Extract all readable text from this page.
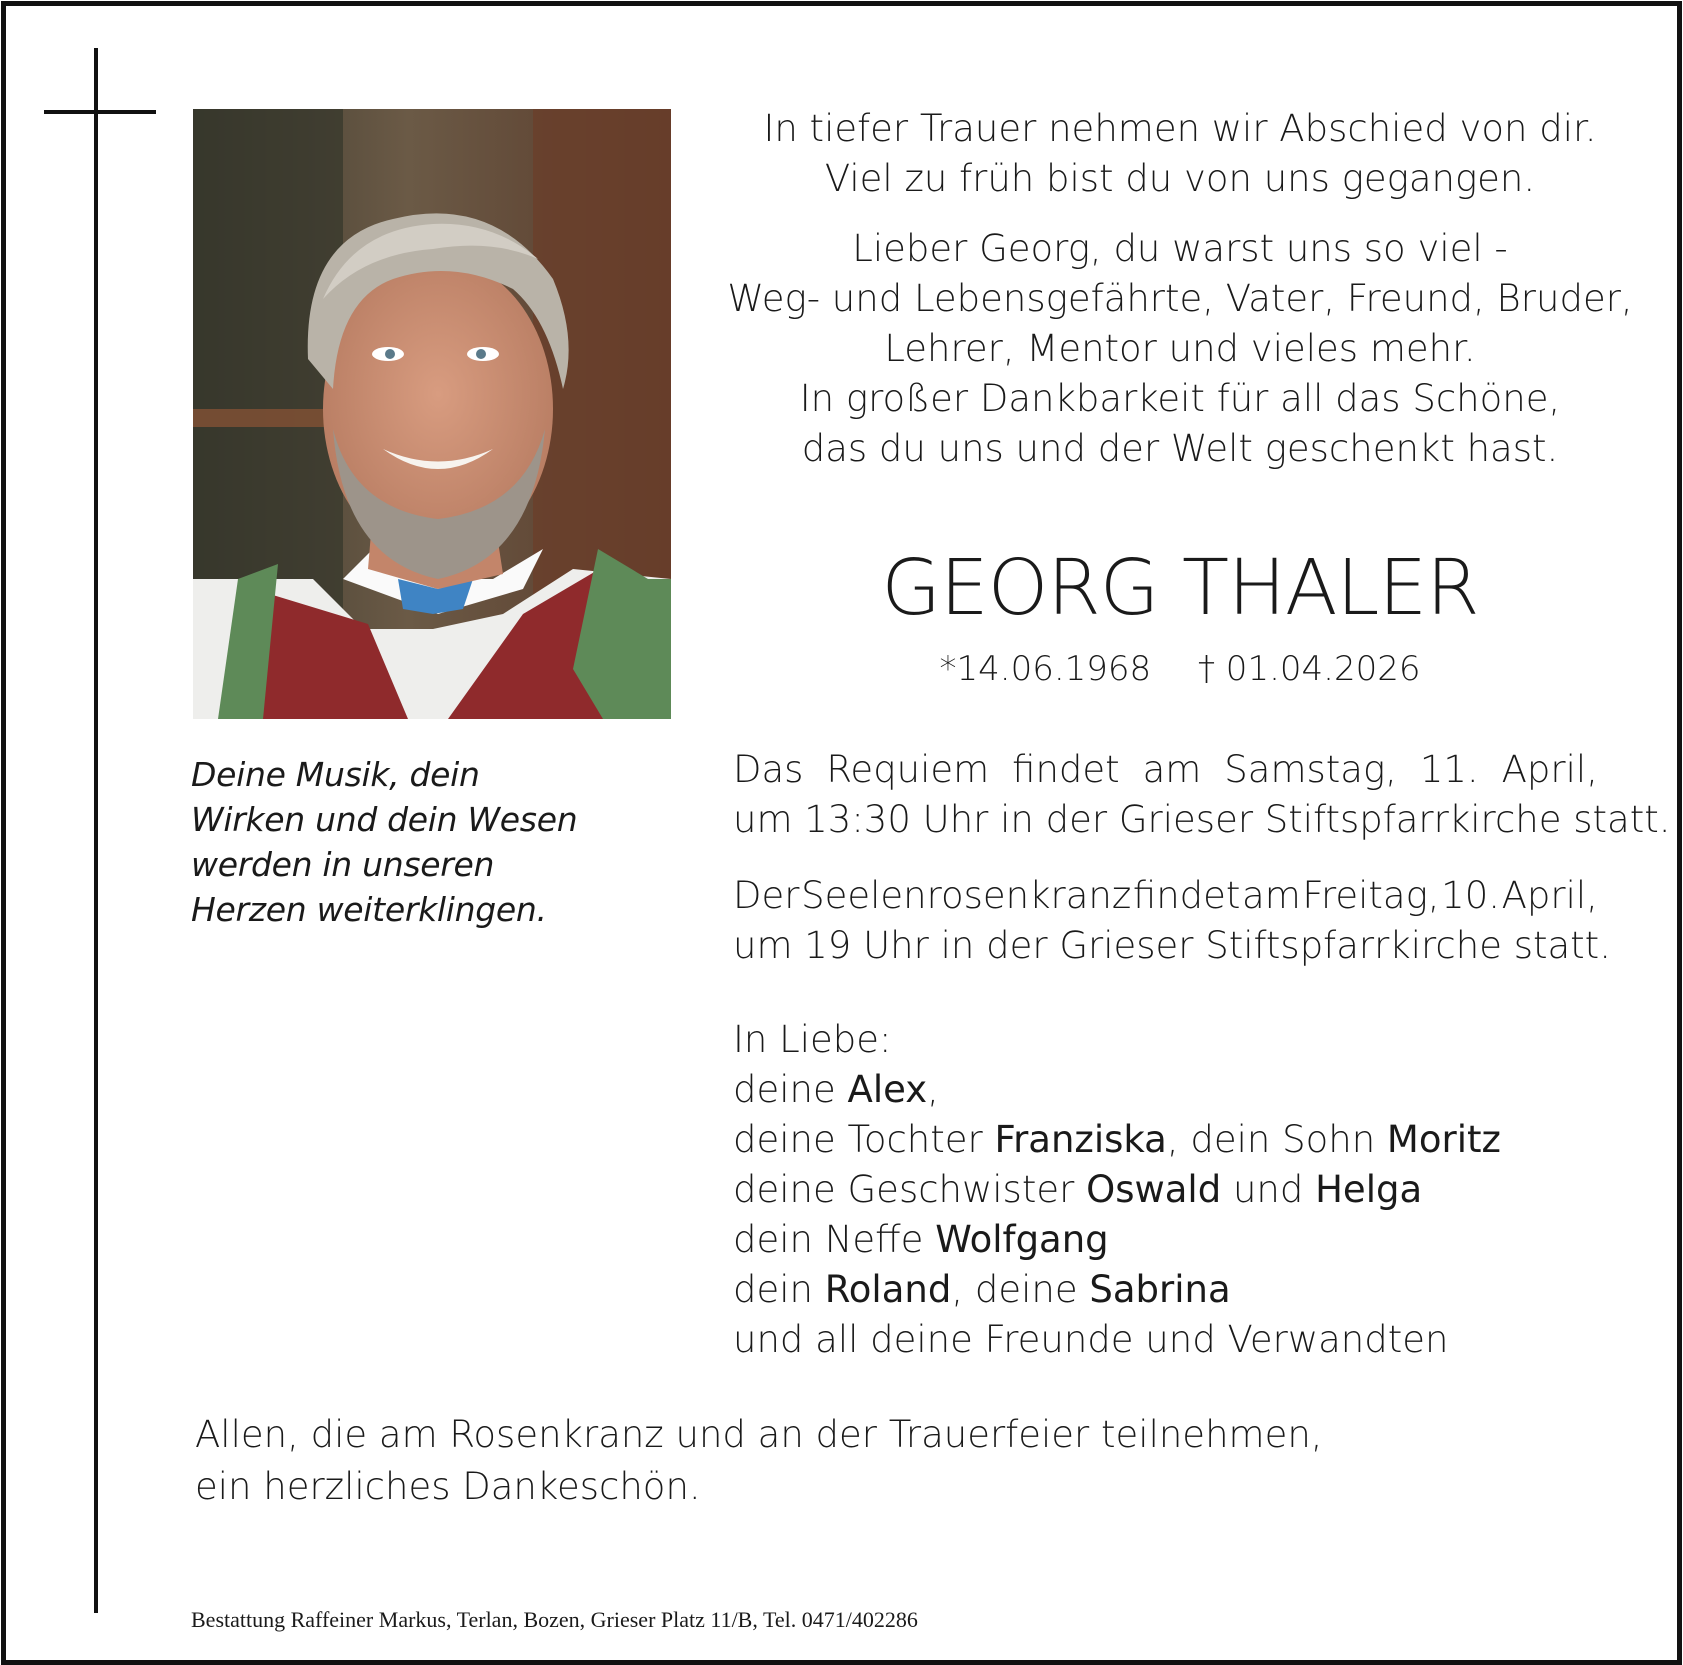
Deine Musik, dein
Wirken und dein Wesen
werden in unseren
Herzen weiterklingen.
In tiefer Trauer nehmen wir Abschied von dir.
Viel zu früh bist du von uns gegangen.
Lieber Georg, du warst uns so viel -
Weg- und Lebensgefährte, Vater, Freund, Bruder,
Lehrer, Mentor und vieles mehr.
In großer Dankbarkeit für all das Schöne,
das du uns und der Welt geschenkt hast.
GEORG THALER
*14.06.1968 † 01.04.2026
Das Requiem findet am Samstag, 11. April,
um 13:30 Uhr in der Grieser Stiftspfarrkirche statt.
Der Seelenrosenkranz findet am Freitag, 10. April,
um 19 Uhr in der Grieser Stiftspfarrkirche statt.
In Liebe:
deine Alex,
deine Tochter Franziska, dein Sohn Moritz
deine Geschwister Oswald und Helga
dein Neffe Wolfgang
dein Roland, deine Sabrina
und all deine Freunde und Verwandten
Allen, die am Rosenkranz und an der Trauerfeier teilnehmen,
ein herzliches Dankeschön.
Bestattung Raffeiner Markus, Terlan, Bozen, Grieser Platz 11/B, Tel. 0471/402286
